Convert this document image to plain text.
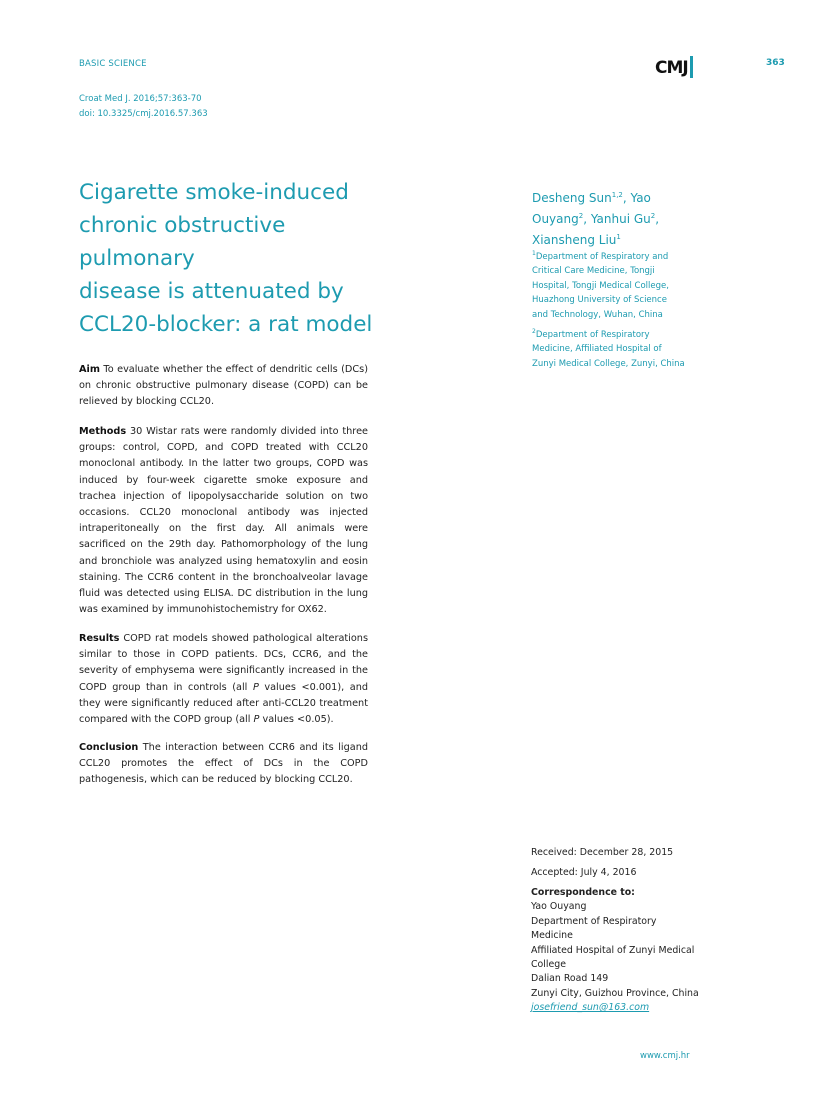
BASIC SCIENCE	CMJ	363
Croat Med J. 2016;57:363-70
doi: 10.3325/cmj.2016.57.363
Cigarette smoke-induced
chronic obstructive pulmonary
disease is attenuated by
CCL20-blocker: a rat model
Desheng Sun$^{1,2}$, Yao
Ouyang$^2$, Yanhui Gu$^2$,
Xiansheng Liu$^1$
$^1$Department of Respiratory and
Critical Care Medicine, Tongji
Hospital, Tongji Medical College,
Huazhong University of Science
and Technology, Wuhan, China
$^2$Department of Respiratory
Medicine, Affiliated Hospital of
Zunyi Medical College, Zunyi, China
Aim To evaluate whether the effect of dendritic cells (DCs) on chronic obstructive pulmonary disease (COPD) can be relieved by blocking CCL20.
Methods 30 Wistar rats were randomly divided into three groups: control, COPD, and COPD treated with CCL20 monoclonal antibody. In the latter two groups, COPD was induced by four-week cigarette smoke exposure and trachea injection of lipopolysaccharide solution on two occasions. CCL20 monoclonal antibody was injected intraperitoneally on the first day. All animals were sacrificed on the 29th day. Pathomorphology of the lung and bronchiole was analyzed using hematoxylin and eosin staining. The CCR6 content in the bronchoalveolar lavage fluid was detected using ELISA. DC distribution in the lung was examined by immunohistochemistry for OX62.
Results COPD rat models showed pathological alterations similar to those in COPD patients. DCs, CCR6, and the severity of emphysema were significantly increased in the COPD group than in controls (all P values <0.001), and they were significantly reduced after anti-CCL20 treatment compared with the COPD group (all P values <0.05).
Conclusion The interaction between CCR6 and its ligand CCL20 promotes the effect of DCs in the COPD pathogenesis, which can be reduced by blocking CCL20.
Received: December 28, 2015
Accepted: July 4, 2016
Correspondence to:
Yao Ouyang
Department of Respiratory
Medicine
Affiliated Hospital of Zunyi Medical
College
Dalian Road 149
Zunyi City, Guizhou Province, China
josefriend_sun@163.com
www.cmj.hr
